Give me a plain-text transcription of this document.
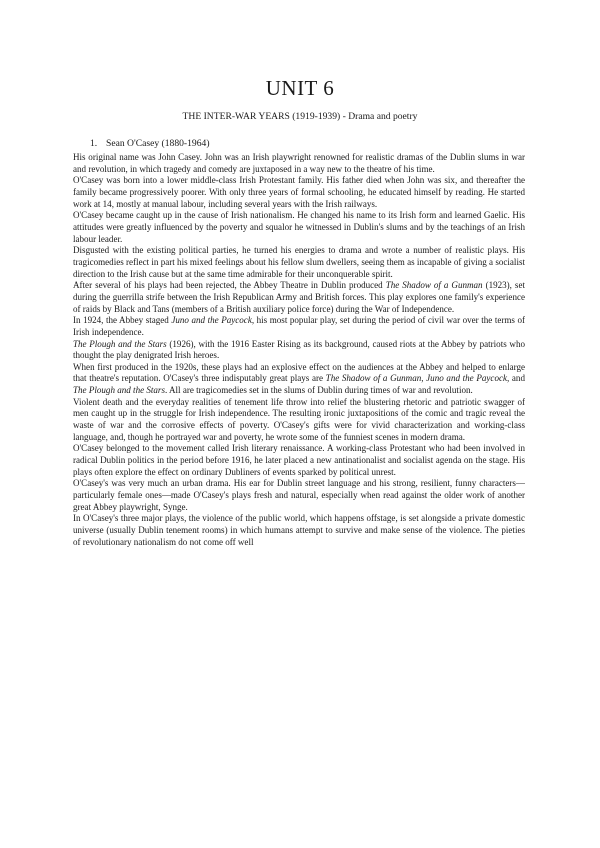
UNIT 6
THE INTER-WAR YEARS (1919-1939) - Drama and poetry
1. Sean O'Casey (1880-1964)

His original name was John Casey. John was an Irish playwright renowned for realistic dramas of the Dublin slums in war and revolution, in which tragedy and comedy are juxtaposed in a way new to the theatre of his time.

O'Casey was born into a lower middle-class Irish Protestant family. His father died when John was six, and thereafter the family became progressively poorer. With only three years of formal schooling, he educated himself by reading. He started work at 14, mostly at manual labour, including several years with the Irish railways.

O'Casey became caught up in the cause of Irish nationalism. He changed his name to its Irish form and learned Gaelic. His attitudes were greatly influenced by the poverty and squalor he witnessed in Dublin's slums and by the teachings of an Irish labour leader.

Disgusted with the existing political parties, he turned his energies to drama and wrote a number of realistic plays. His tragicomedies reflect in part his mixed feelings about his fellow slum dwellers, seeing them as incapable of giving a socialist direction to the Irish cause but at the same time admirable for their unconquerable spirit.

After several of his plays had been rejected, the Abbey Theatre in Dublin produced The Shadow of a Gunman (1923), set during the guerrilla strife between the Irish Republican Army and British forces. This play explores one family's experience of raids by Black and Tans (members of a British auxiliary police force) during the War of Independence.

In 1924, the Abbey staged Juno and the Paycock, his most popular play, set during the period of civil war over the terms of Irish independence.

The Plough and the Stars (1926), with the 1916 Easter Rising as its background, caused riots at the Abbey by patriots who thought the play denigrated Irish heroes.

When first produced in the 1920s, these plays had an explosive effect on the audiences at the Abbey and helped to enlarge that theatre's reputation. O'Casey's three indisputably great plays are The Shadow of a Gunman, Juno and the Paycock, and The Plough and the Stars. All are tragicomedies set in the slums of Dublin during times of war and revolution.

Violent death and the everyday realities of tenement life throw into relief the blustering rhetoric and patriotic swagger of men caught up in the struggle for Irish independence. The resulting ironic juxtapositions of the comic and tragic reveal the waste of war and the corrosive effects of poverty. O'Casey's gifts were for vivid characterization and working-class language, and, though he portrayed war and poverty, he wrote some of the funniest scenes in modern drama.

O'Casey belonged to the movement called Irish literary renaissance. A working-class Protestant who had been involved in radical Dublin politics in the period before 1916, he later placed a new antinationalist and socialist agenda on the stage. His plays often explore the effect on ordinary Dubliners of events sparked by political unrest.

O'Casey's was very much an urban drama. His ear for Dublin street language and his strong, resilient, funny characters—particularly female ones—made O'Casey's plays fresh and natural, especially when read against the older work of another great Abbey playwright, Synge.

In O'Casey's three major plays, the violence of the public world, which happens offstage, is set alongside a private domestic universe (usually Dublin tenement rooms) in which humans attempt to survive and make sense of the violence. The pieties of revolutionary nationalism do not come off well
